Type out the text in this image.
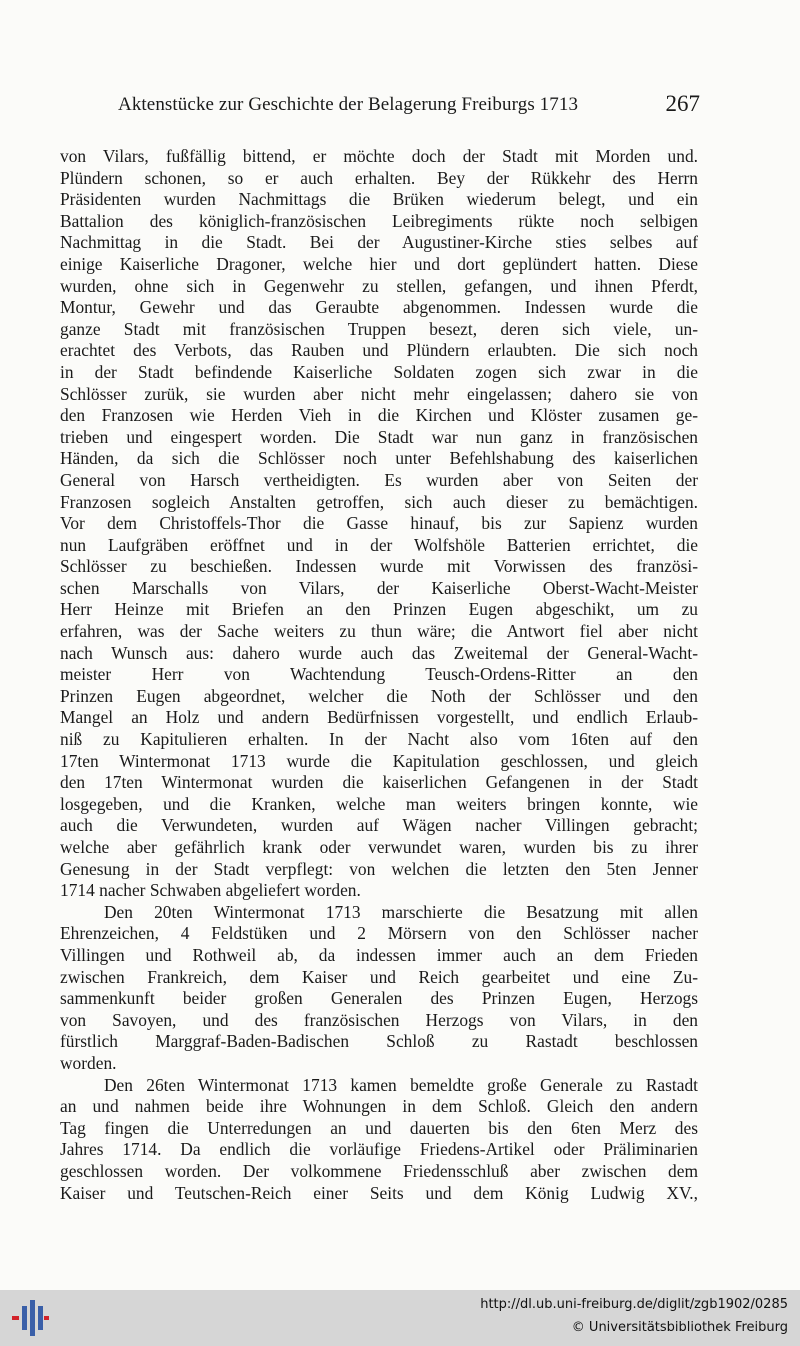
Aktenstücke zur Geschichte der Belagerung Freiburgs 1713	267
von Vilars, fußfällig bittend, er möchte doch der Stadt mit Morden und.
Plündern schonen, so er auch erhalten. Bey der Rükkehr des Herrn
Präsidenten wurden Nachmittags die Brüken wiederum belegt, und ein
Battalion des königlich-französischen Leibregiments rükte noch selbigen
Nachmittag in die Stadt. Bei der Augustiner-Kirche sties selbes auf
einige Kaiserliche Dragoner, welche hier und dort geplündert hatten. Diese
wurden, ohne sich in Gegenwehr zu stellen, gefangen, und ihnen Pferdt,
Montur, Gewehr und das Geraubte abgenommen. Indessen wurde die
ganze Stadt mit französischen Truppen besezt, deren sich viele, un-
erachtet des Verbots, das Rauben und Plündern erlaubten. Die sich noch
in der Stadt befindende Kaiserliche Soldaten zogen sich zwar in die
Schlösser zurük, sie wurden aber nicht mehr eingelassen; dahero sie von
den Franzosen wie Herden Vieh in die Kirchen und Klöster zusamen ge-
trieben und eingespert worden. Die Stadt war nun ganz in französischen
Händen, da sich die Schlösser noch unter Befehlshabung des kaiserlichen
General von Harsch vertheidigten. Es wurden aber von Seiten der
Franzosen sogleich Anstalten getroffen, sich auch dieser zu bemächtigen.
Vor dem Christoffels-Thor die Gasse hinauf, bis zur Sapienz wurden
nun Laufgräben eröffnet und in der Wolfshöle Batterien errichtet, die
Schlösser zu beschießen. Indessen wurde mit Vorwissen des französi-
schen Marschalls von Vilars, der Kaiserliche Oberst-Wacht-Meister
Herr Heinze mit Briefen an den Prinzen Eugen abgeschikt, um zu
erfahren, was der Sache weiters zu thun wäre; die Antwort fiel aber nicht
nach Wunsch aus: dahero wurde auch das Zweitemal der General-Wacht-
meister Herr von Wachtendung Teusch-Ordens-Ritter an den
Prinzen Eugen abgeordnet, welcher die Noth der Schlösser und den
Mangel an Holz und andern Bedürfnissen vorgestellt, und endlich Erlaub-
niß zu Kapitulieren erhalten. In der Nacht also vom 16ten auf den
17ten Wintermonat 1713 wurde die Kapitulation geschlossen, und gleich
den 17ten Wintermonat wurden die kaiserlichen Gefangenen in der Stadt
losgegeben, und die Kranken, welche man weiters bringen konnte, wie
auch die Verwundeten, wurden auf Wägen nacher Villingen gebracht;
welche aber gefährlich krank oder verwundet waren, wurden bis zu ihrer
Genesung in der Stadt verpflegt: von welchen die letzten den 5ten Jenner
1714 nacher Schwaben abgeliefert worden.
Den 20ten Wintermonat 1713 marschierte die Besatzung mit allen
Ehrenzeichen, 4 Feldstüken und 2 Mörsern von den Schlösser nacher
Villingen und Rothweil ab, da indessen immer auch an dem Frieden
zwischen Frankreich, dem Kaiser und Reich gearbeitet und eine Zu-
sammenkunft beider großen Generalen des Prinzen Eugen, Herzogs
von Savoyen, und des französischen Herzogs von Vilars, in den
fürstlich Marggraf-Baden-Badischen Schloß zu Rastadt beschlossen
worden.
Den 26ten Wintermonat 1713 kamen bemeldte große Generale zu Rastadt
an und nahmen beide ihre Wohnungen in dem Schloß. Gleich den andern
Tag fingen die Unterredungen an und dauerten bis den 6ten Merz des
Jahres 1714. Da endlich die vorläufige Friedens-Artikel oder Präliminarien
geschlossen worden. Der volkommene Friedensschluß aber zwischen dem
Kaiser und Teutschen-Reich einer Seits und dem König Ludwig XV.,
http://dl.ub.uni-freiburg.de/diglit/zgb1902/0285
© Universitätsbibliothek Freiburg
